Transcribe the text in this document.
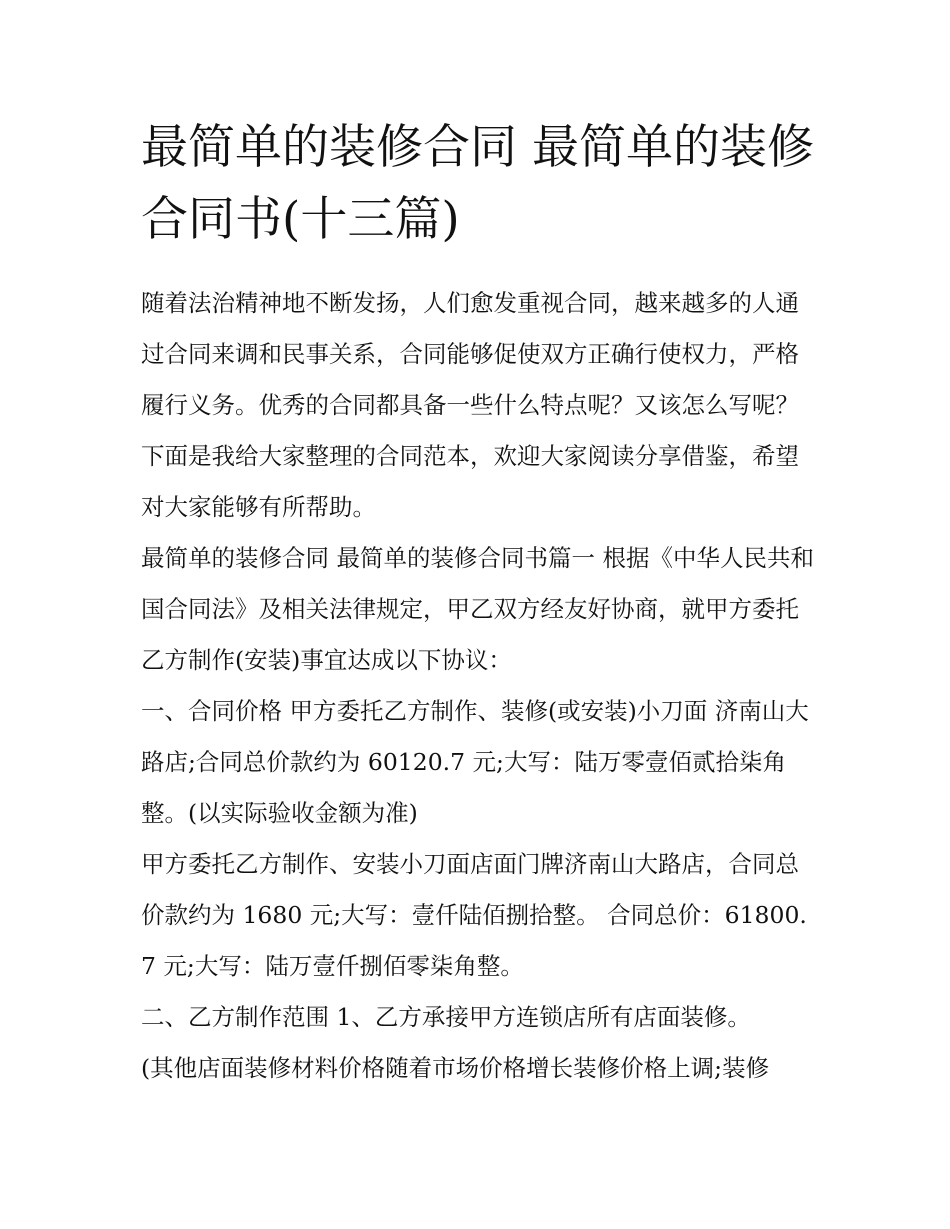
最简单的装修合同 最简单的装修合同书(十三篇)

随着法治精神地不断发扬，人们愈发重视合同，越来越多的人通过合同来调和民事关系，合同能够促使双方正确行使权力，严格履行义务。优秀的合同都具备一些什么特点呢？又该怎么写呢？下面是我给大家整理的合同范本，欢迎大家阅读分享借鉴，希望对大家能够有所帮助。

最简单的装修合同 最简单的装修合同书篇一 根据《中华人民共和国合同法》及相关法律规定，甲乙双方经友好协商，就甲方委托乙方制作(安装)事宜达成以下协议：

一、合同价格 甲方委托乙方制作、装修(或安装)小刀面 济南山大路店;合同总价款约为 60120.7 元;大写：陆万零壹佰贰拾柒角整。(以实际验收金额为准)

甲方委托乙方制作、安装小刀面店面门牌济南山大路店，合同总价款约为 1680 元;大写：壹仟陆佰捌拾整。 合同总价：61800.7 元;大写：陆万壹仟捌佰零柒角整。

二、乙方制作范围 1、乙方承接甲方连锁店所有店面装修。

(其他店面装修材料价格随着市场价格增长装修价格上调;装修
